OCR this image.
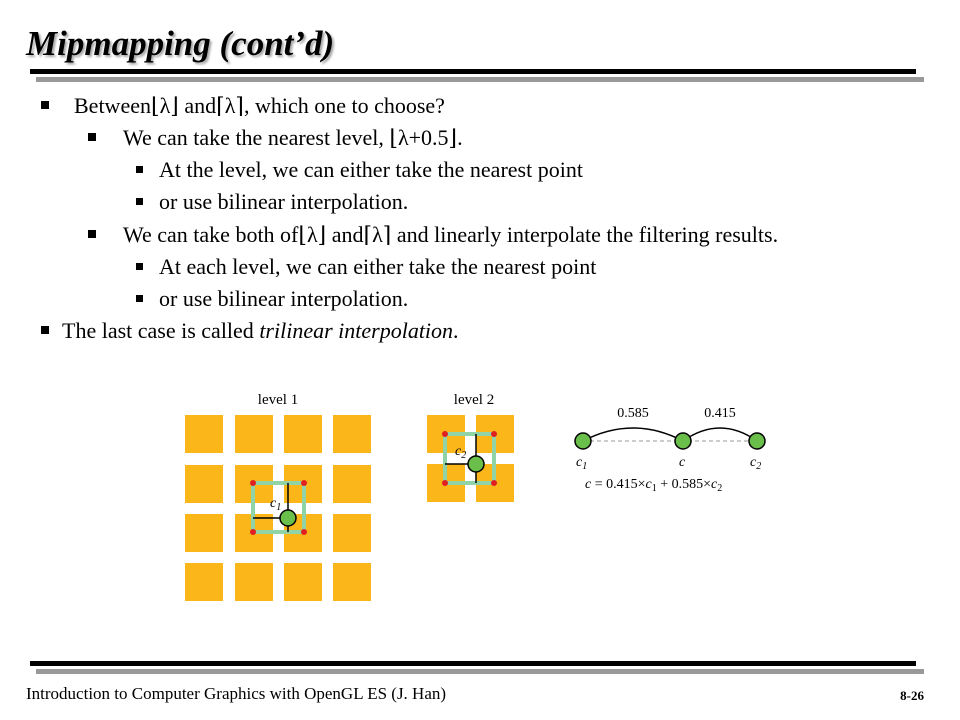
Mipmapping (cont’d)
Between⌊λ⌋ and⌈λ⌉, which one to choose?
We can take the nearest level, ⌊λ+0.5⌋.
At the level, we can either take the nearest point
or use bilinear interpolation.
We can take both of⌊λ⌋ and⌈λ⌉ and linearly interpolate the filtering results.
At each level, we can either take the nearest point
or use bilinear interpolation.
The last case is called trilinear interpolation.
level 1	level 2
$c_1$
$c_2$
0.585	0.415
$c_1$	c	$c_2$
$c = 0.415\times c_1 + 0.585\times c_2$
Introduction to Computer Graphics with OpenGL ES (J. Han)	8-26
